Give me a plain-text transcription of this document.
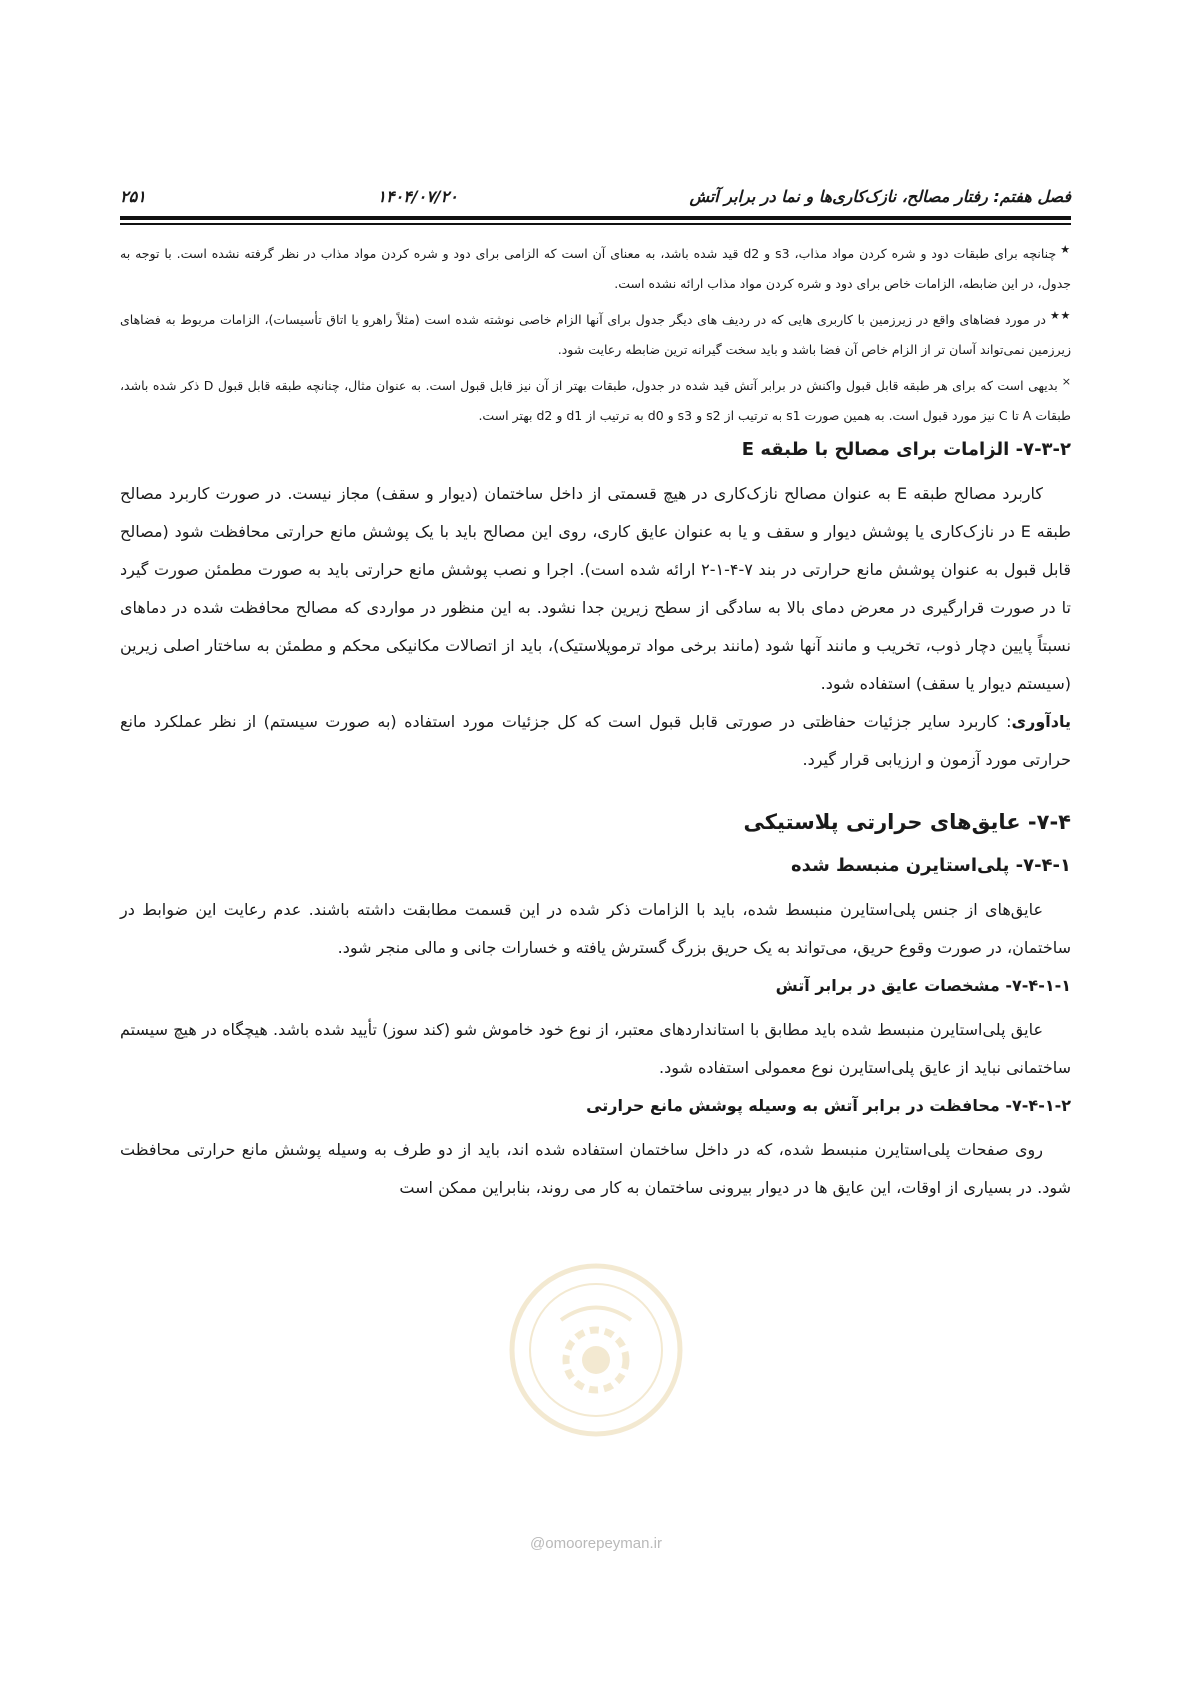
فصل هفتم: رفتار مصالح، نازک‌کاری‌ها و نما در برابر آتش
۱۴۰۴/۰۷/۲۰
۲۵۱

★چنانچه برای طبقات دود و شره کردن مواد مذاب، s3 و d2 قید شده باشد، به معنای آن است که الزامی برای دود و شره کردن مواد مذاب در نظر گرفته نشده است. با توجه به جدول، در این ضابطه، الزامات خاص برای دود و شره کردن مواد مذاب ارائه نشده است.

★★در مورد فضاهای واقع در زیرزمین با کاربری هایی که در ردیف های دیگر جدول برای آنها الزام خاصی نوشته شده است (مثلاً راهرو یا اتاق تأسیسات)، الزامات مربوط به فضاهای زیرزمین نمی‌تواند آسان تر از الزام خاص آن فضا باشد و باید سخت گیرانه ترین ضابطه رعایت شود.

×بدیهی است که برای هر طبقه قابل قبول واکنش در برابر آتش قید شده در جدول، طبقات بهتر از آن نیز قابل قبول است. به عنوان مثال، چنانچه طبقه قابل قبول D ذکر شده باشد، طبقات A تا C نیز مورد قبول است. به همین صورت s1 به ترتیب از s2 و s3 و d0 به ترتیب از d1 و d2 بهتر است.

۷-۳-۲- الزامات برای مصالح با طبقه E

کاربرد مصالح طبقه E به عنوان مصالح نازک‌کاری در هیچ قسمتی از داخل ساختمان (دیوار و سقف) مجاز نیست. در صورت کاربرد مصالح طبقه E در نازک‌کاری یا پوشش دیوار و سقف و یا به عنوان عایق کاری، روی این مصالح باید با یک پوشش مانع حرارتی محافظت شود (مصالح قابل قبول به عنوان پوشش مانع حرارتی در بند ۷-۴-۱-۲ ارائه شده است). اجرا و نصب پوشش مانع حرارتی باید به صورت مطمئن صورت گیرد تا در صورت قرارگیری در معرض دمای بالا به سادگی از سطح زیرین جدا نشود. به این منظور در مواردی که مصالح محافظت شده در دماهای نسبتاً پایین دچار ذوب، تخریب و مانند آنها شود (مانند برخی مواد ترموپلاستیک)، باید از اتصالات مکانیکی محکم و مطمئن به ساختار اصلی زیرین (سیستم دیوار یا سقف) استفاده شود.

یادآوری: کاربرد سایر جزئیات حفاظتی در صورتی قابل قبول است که کل جزئیات مورد استفاده (به صورت سیستم) از نظر عملکرد مانع حرارتی مورد آزمون و ارزیابی قرار گیرد.

۷-۴- عایق‌های حرارتی پلاستیکی
۷-۴-۱- پلی‌استایرن منبسط شده

عایق‌های از جنس پلی‌استایرن منبسط شده، باید با الزامات ذکر شده در این قسمت مطابقت داشته باشند. عدم رعایت این ضوابط در ساختمان، در صورت وقوع حریق، می‌تواند به یک حریق بزرگ گسترش یافته و خسارات جانی و مالی منجر شود.

۷-۴-۱-۱- مشخصات عایق در برابر آتش

عایق پلی‌استایرن منبسط شده باید مطابق با استانداردهای معتبر، از نوع خود خاموش شو (کند سوز) تأیید شده باشد. هیچگاه در هیچ سیستم ساختمانی نباید از عایق پلی‌استایرن نوع معمولی استفاده شود.

۷-۴-۱-۲- محافظت در برابر آتش به وسیله پوشش مانع حرارتی

روی صفحات پلی‌استایرن منبسط شده، که در داخل ساختمان استفاده شده اند، باید از دو طرف به وسیله پوشش مانع حرارتی محافظت شود. در بسیاری از اوقات، این عایق ها در دیوار بیرونی ساختمان به کار می روند، بنابراین ممکن است

@omoorepeyman.ir
